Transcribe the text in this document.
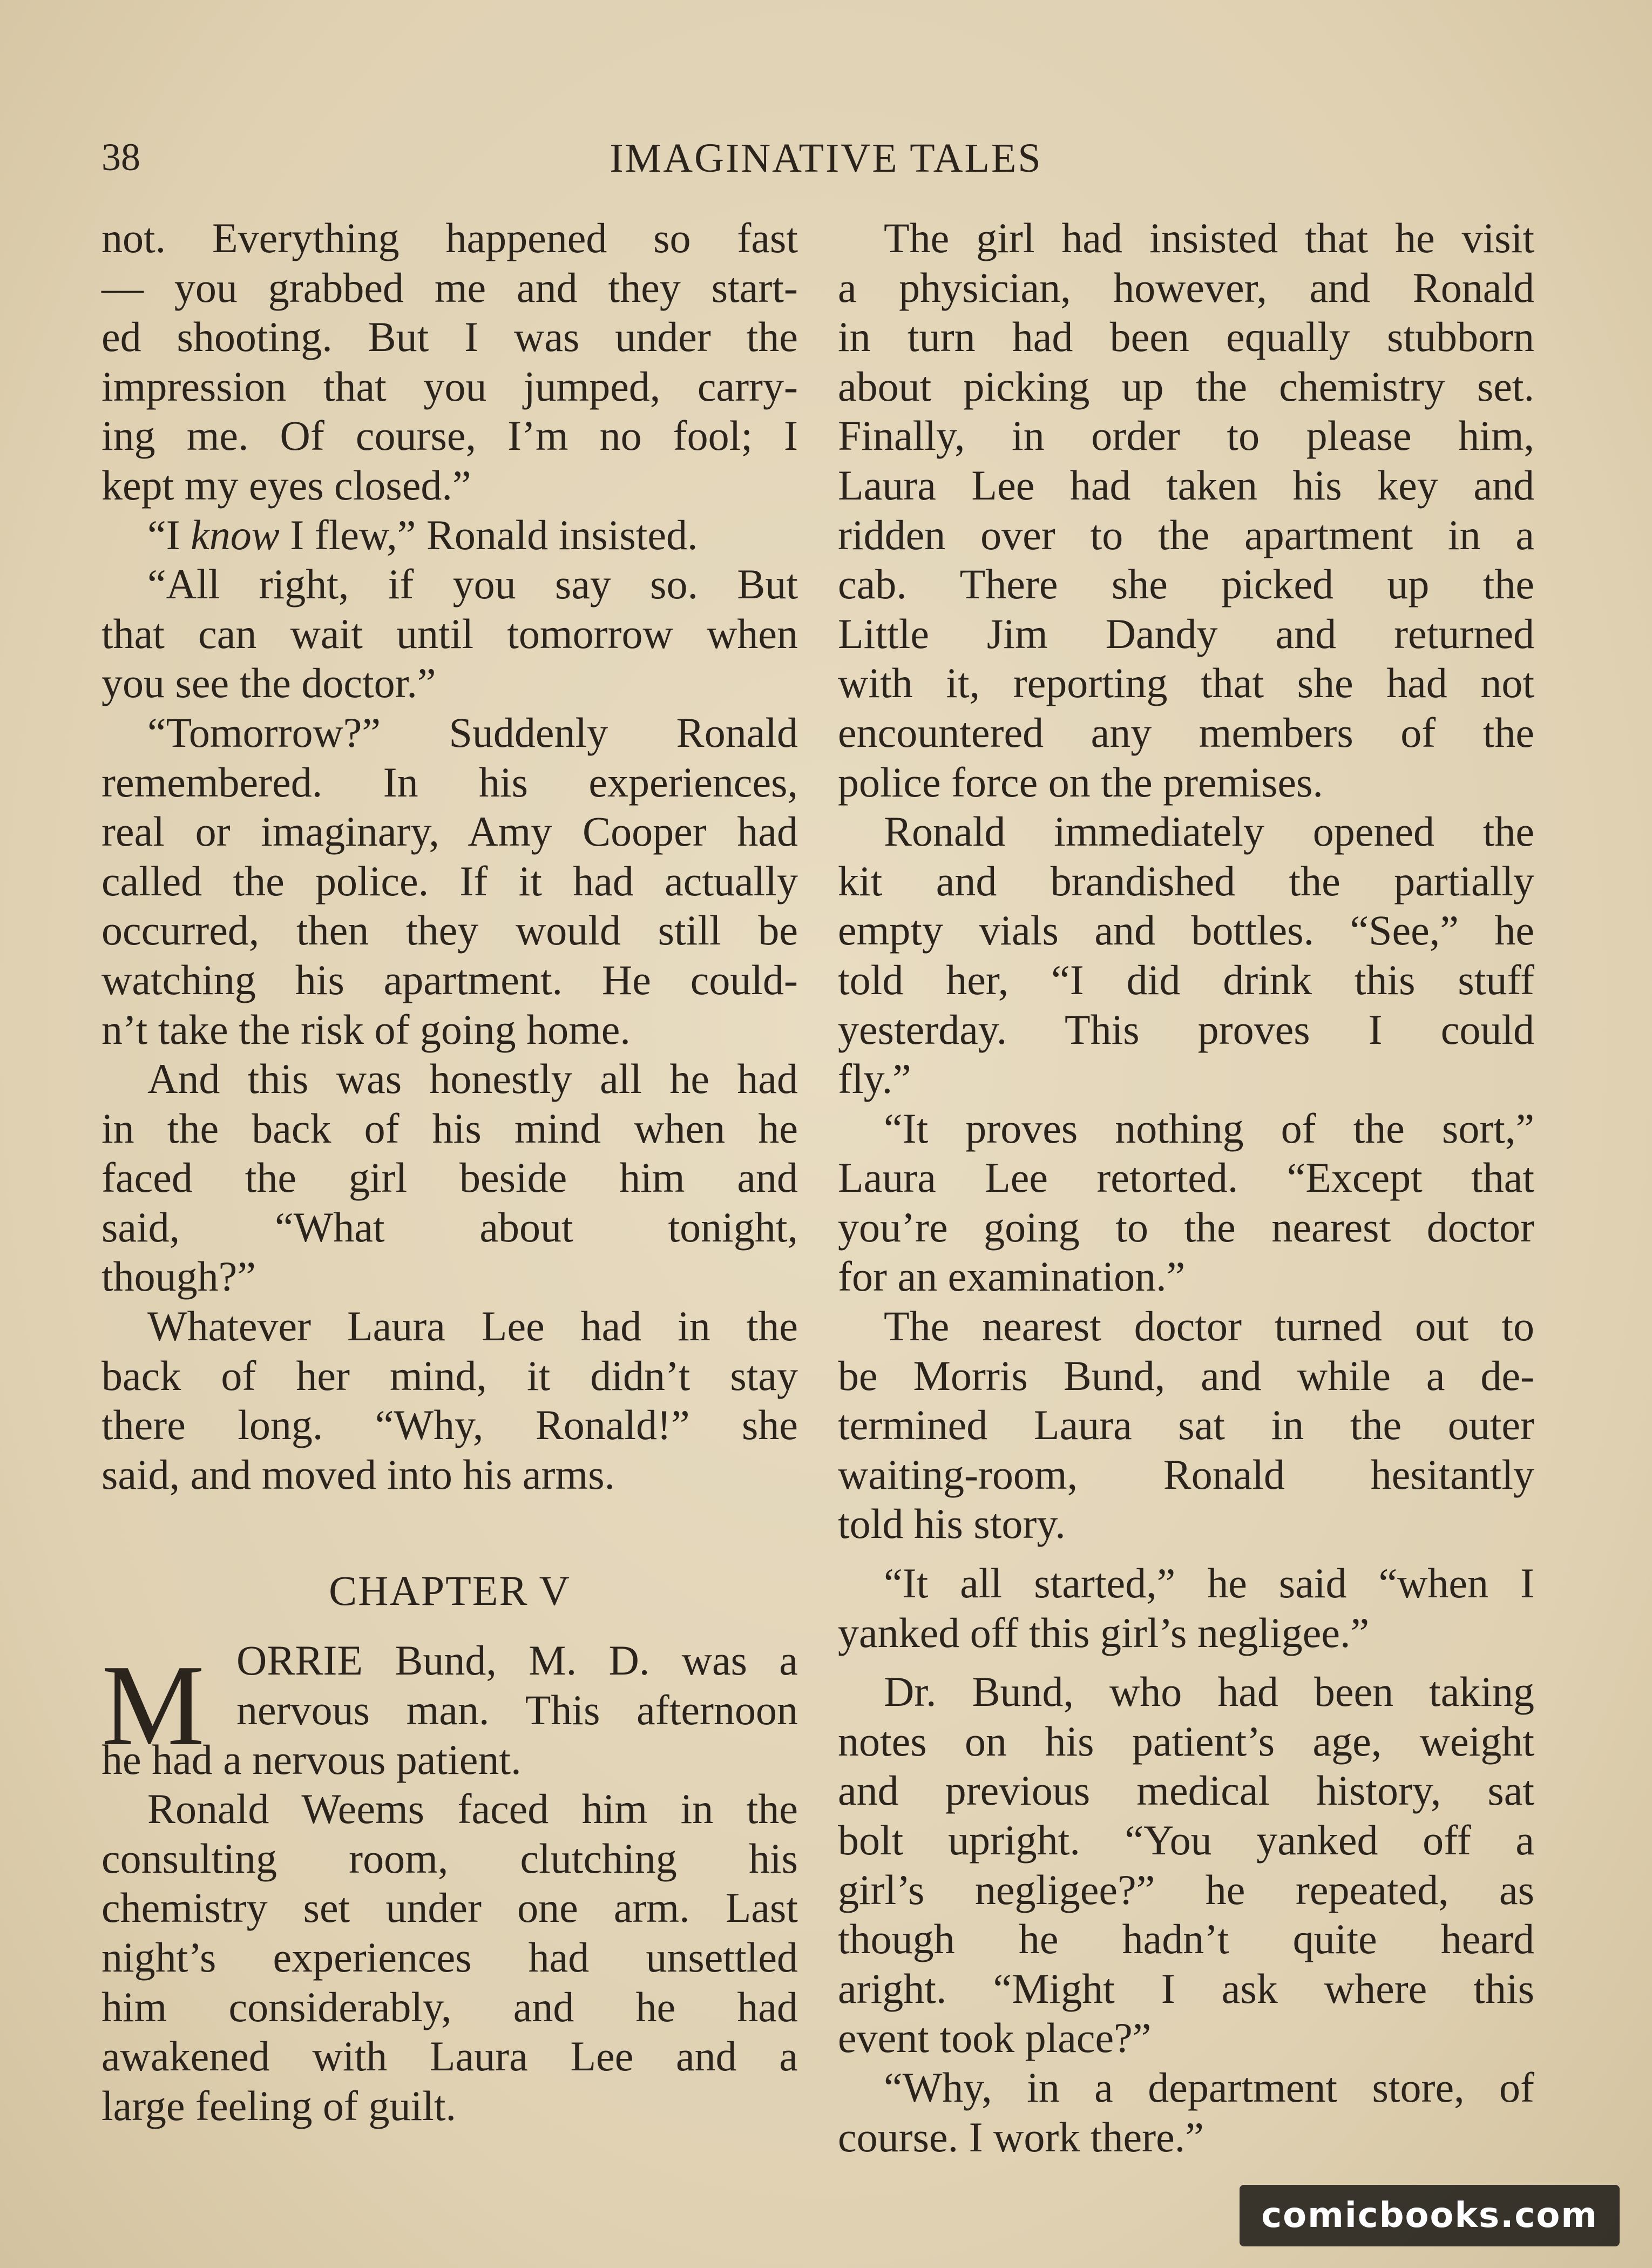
38	IMAGINATIVE TALES
not. Everything happened so fast
— you grabbed me and they start-
ed shooting. But I was under the
impression that you jumped, carry-
ing me. Of course, I’m no fool; I
kept my eyes closed.”
“I know I flew,” Ronald insisted.
“All right, if you say so. But
that can wait until tomorrow when
you see the doctor.”
“Tomorrow?” Suddenly Ronald
remembered. In his experiences,
real or imaginary, Amy Cooper had
called the police. If it had actually
occurred, then they would still be
watching his apartment. He could-
n’t take the risk of going home.
And this was honestly all he had
in the back of his mind when he
faced the girl beside him and
said, “What about tonight,
though?”
Whatever Laura Lee had in the
back of her mind, it didn’t stay
there long. “Why, Ronald!” she
said, and moved into his arms.
CHAPTER V
ORRIE Bund, M. D. was a
nervous man. This afternoon
he had a nervous patient.
Ronald Weems faced him in the
consulting room, clutching his
chemistry set under one arm. Last
night’s experiences had unsettled
him considerably, and he had
awakened with Laura Lee and a
large feeling of guilt.
M
The girl had insisted that he visit
a physician, however, and Ronald
in turn had been equally stubborn
about picking up the chemistry set.
Finally, in order to please him,
Laura Lee had taken his key and
ridden over to the apartment in a
cab. There she picked up the
Little Jim Dandy and returned
with it, reporting that she had not
encountered any members of the
police force on the premises.
Ronald immediately opened the
kit and brandished the partially
empty vials and bottles. “See,” he
told her, “I did drink this stuff
yesterday. This proves I could
fly.”
“It proves nothing of the sort,”
Laura Lee retorted. “Except that
you’re going to the nearest doctor
for an examination.”
The nearest doctor turned out to
be Morris Bund, and while a de-
termined Laura sat in the outer
waiting-room, Ronald hesitantly
told his story.
“It all started,” he said “when I
yanked off this girl’s negligee.”
Dr. Bund, who had been taking
notes on his patient’s age, weight
and previous medical history, sat
bolt upright. “You yanked off a
girl’s negligee?” he repeated, as
though he hadn’t quite heard
aright. “Might I ask where this
event took place?”
“Why, in a department store, of
course. I work there.”
comicbooks.com
